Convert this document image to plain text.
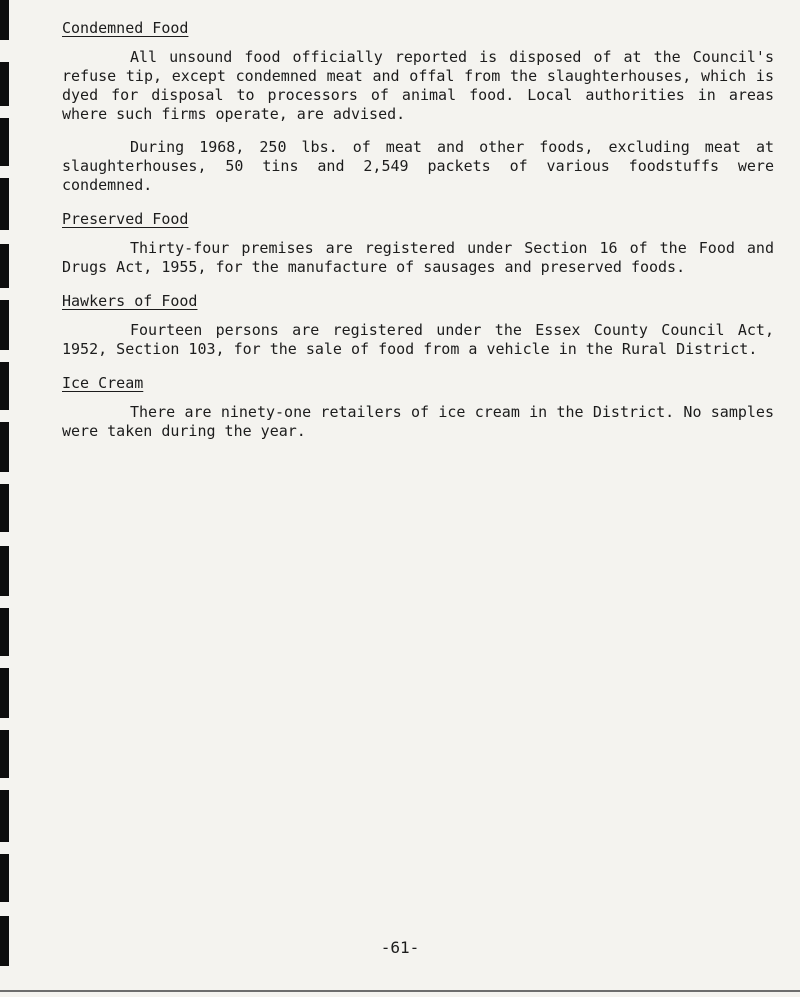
Condemned Food

All unsound food officially reported is disposed of at the Council's refuse tip, except condemned meat and offal from the slaughterhouses, which is dyed for disposal to processors of animal food. Local authorities in areas where such firms operate, are advised.

During 1968, 250 lbs. of meat and other foods, excluding meat at slaughterhouses, 50 tins and 2,549 packets of various foodstuffs were condemned.

Preserved Food

Thirty-four premises are registered under Section 16 of the Food and Drugs Act, 1955, for the manufacture of sausages and preserved foods.

Hawkers of Food

Fourteen persons are registered under the Essex County Council Act, 1952, Section 103, for the sale of food from a vehicle in the Rural District.

Ice Cream

There are ninety-one retailers of ice cream in the District. No samples were taken during the year.

-61-
